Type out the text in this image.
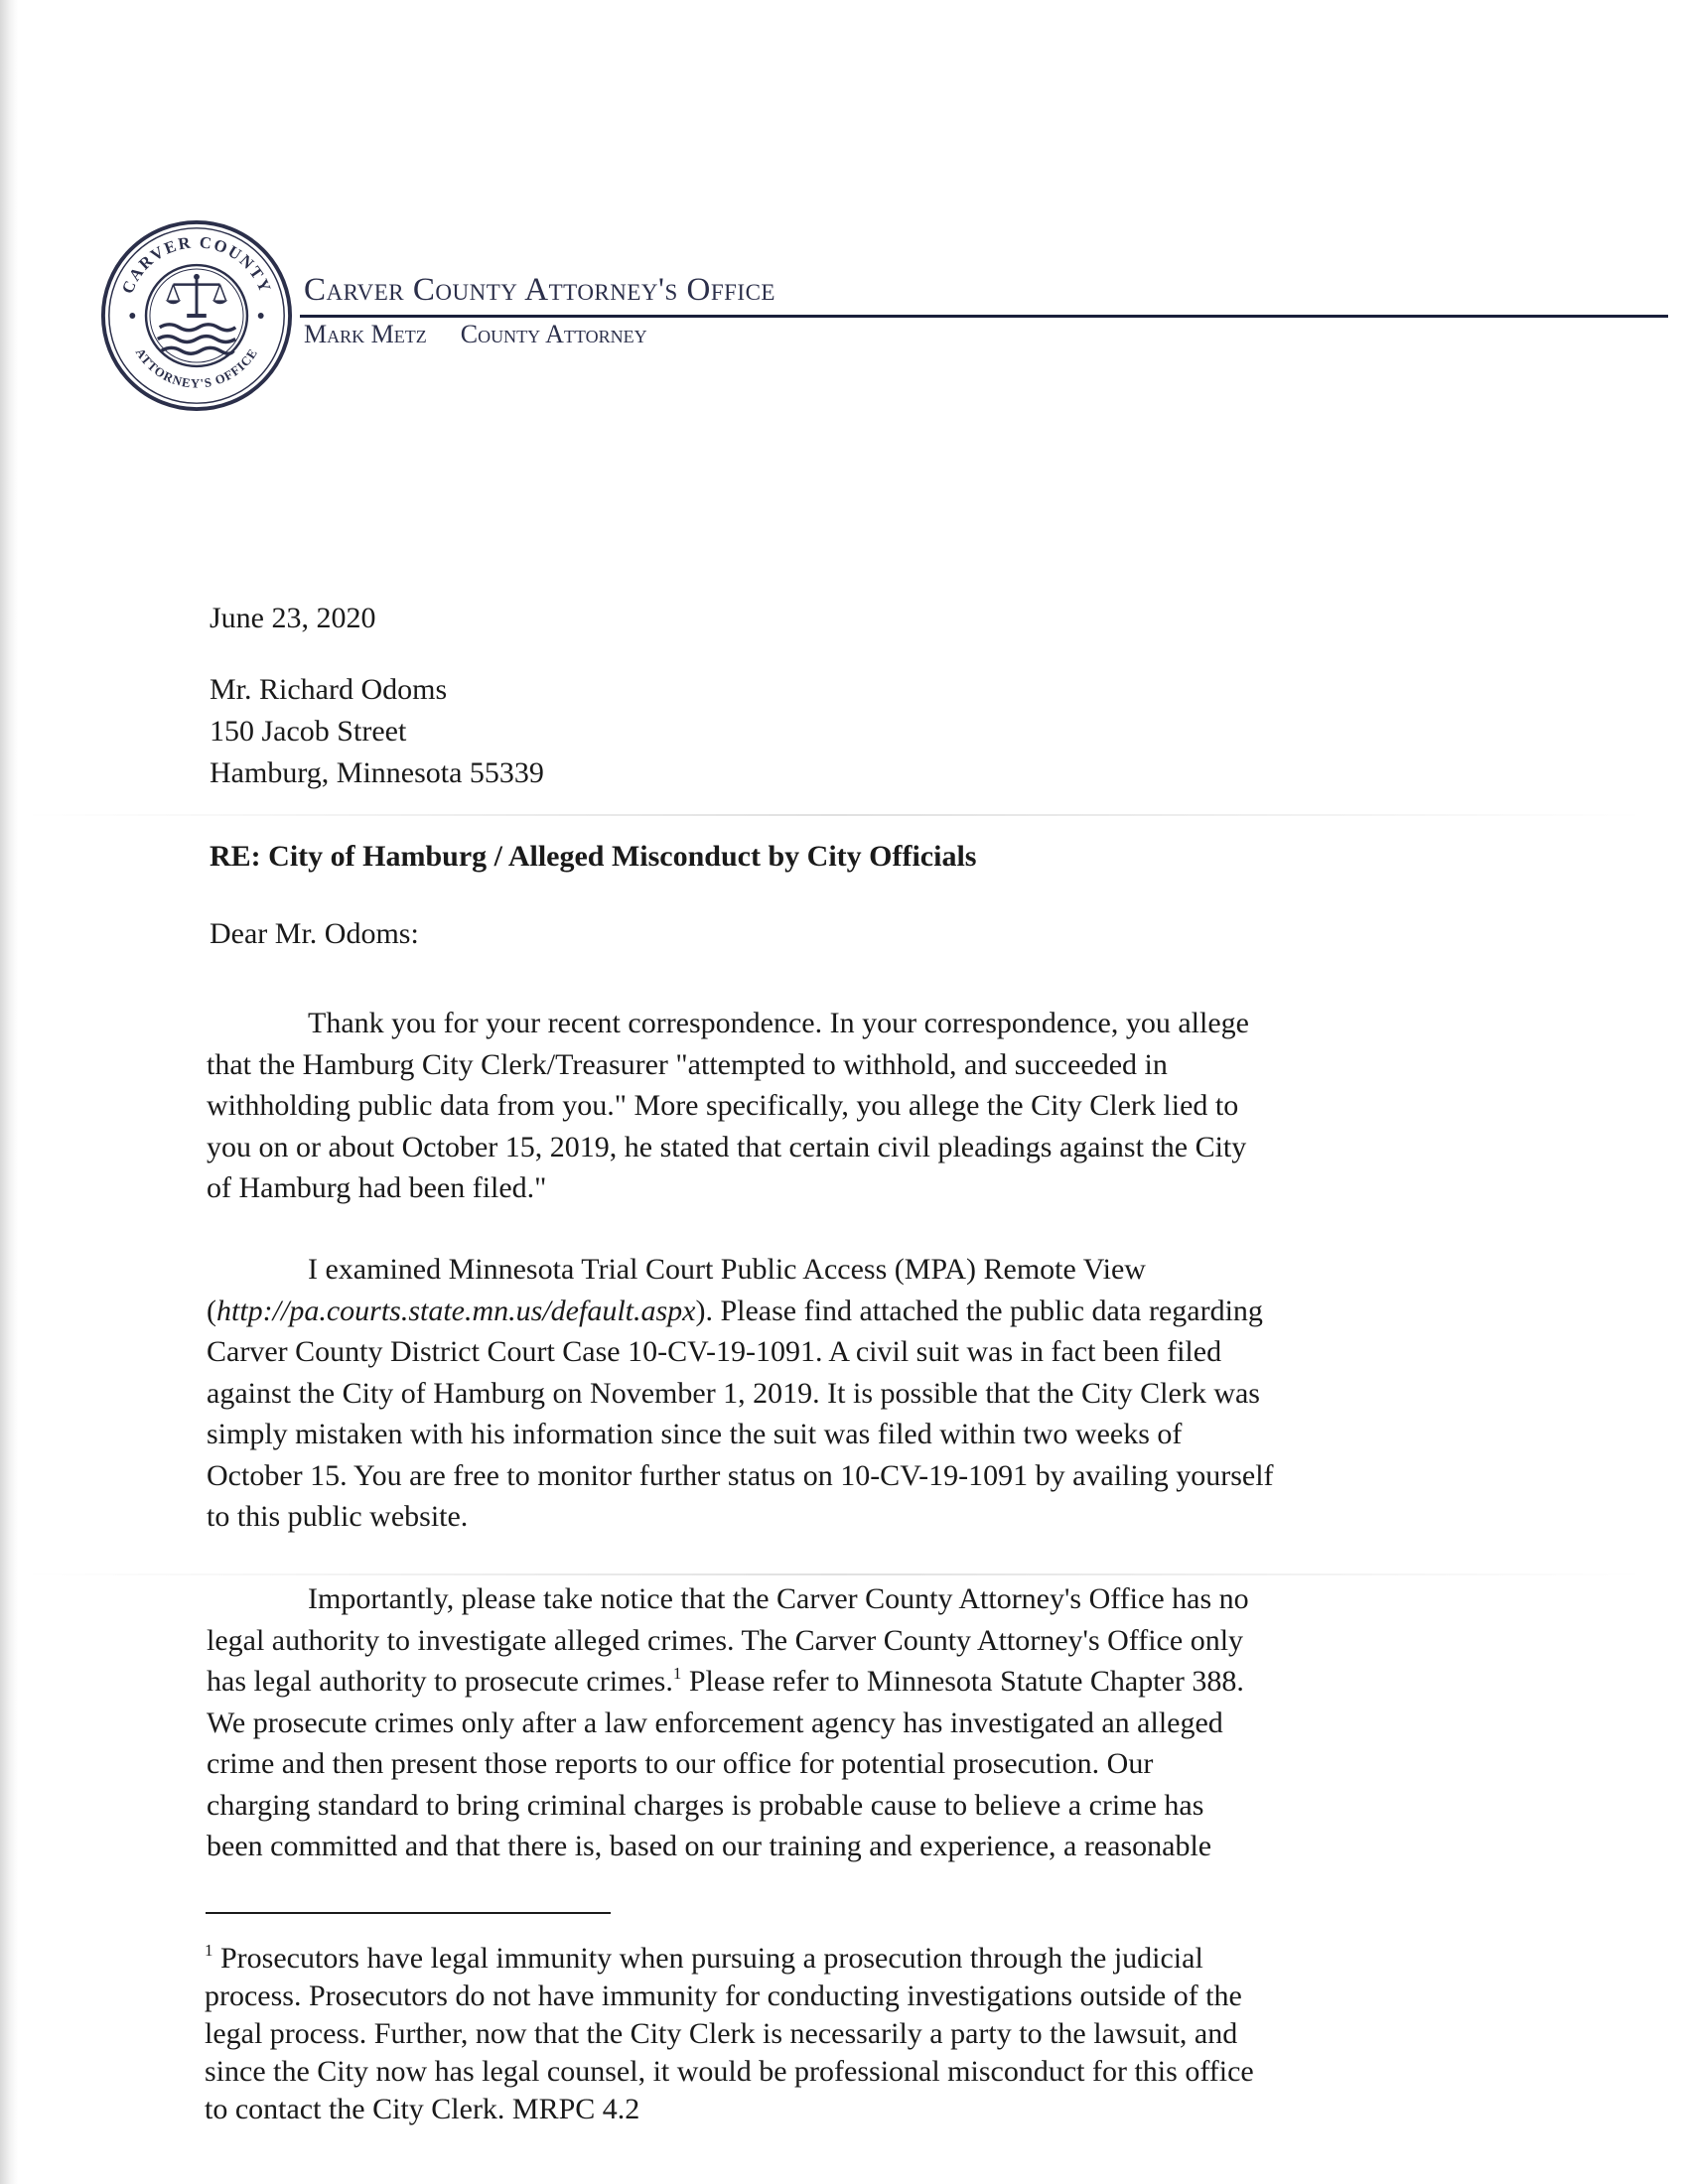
CARVER COUNTY
ATTORNEY'S OFFICE
Carver County Attorney's Office
Mark Metz County Attorney
June 23, 2020
Mr. Richard Odoms
150 Jacob Street
Hamburg, Minnesota 55339
RE: City of Hamburg / Alleged Misconduct by City Officials
Dear Mr. Odoms:
Thank you for your recent correspondence. In your correspondence, you allege
that the Hamburg City Clerk/Treasurer "attempted to withhold, and succeeded in
withholding public data from you." More specifically, you allege the City Clerk lied to
you on or about October 15, 2019, he stated that certain civil pleadings against the City
of Hamburg had been filed."
I examined Minnesota Trial Court Public Access (MPA) Remote View
(http://pa.courts.state.mn.us/default.aspx). Please find attached the public data regarding
Carver County District Court Case 10-CV-19-1091. A civil suit was in fact been filed
against the City of Hamburg on November 1, 2019. It is possible that the City Clerk was
simply mistaken with his information since the suit was filed within two weeks of
October 15. You are free to monitor further status on 10-CV-19-1091 by availing yourself
to this public website.
Importantly, please take notice that the Carver County Attorney's Office has no
legal authority to investigate alleged crimes. The Carver County Attorney's Office only
has legal authority to prosecute crimes.$^1$ Please refer to Minnesota Statute Chapter 388.
We prosecute crimes only after a law enforcement agency has investigated an alleged
crime and then present those reports to our office for potential prosecution. Our
charging standard to bring criminal charges is probable cause to believe a crime has
been committed and that there is, based on our training and experience, a reasonable
$^1$ Prosecutors have legal immunity when pursuing a prosecution through the judicial
process. Prosecutors do not have immunity for conducting investigations outside of the
legal process. Further, now that the City Clerk is necessarily a party to the lawsuit, and
since the City now has legal counsel, it would be professional misconduct for this office
to contact the City Clerk. MRPC 4.2
